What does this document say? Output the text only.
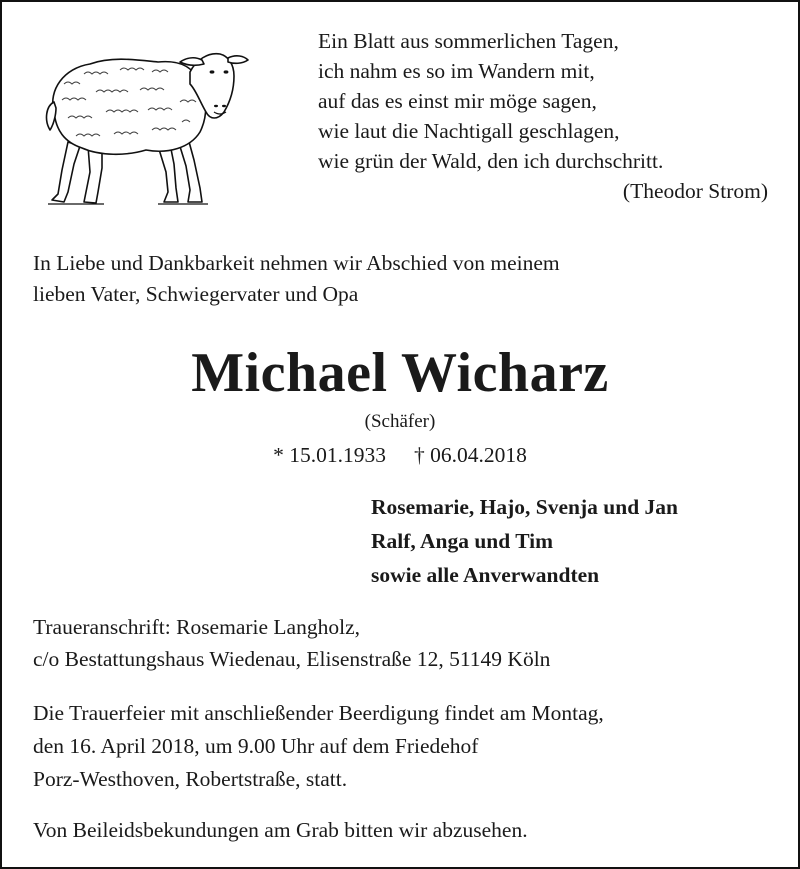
Ein Blatt aus sommerlichen Tagen,
ich nahm es so im Wandern mit,
auf das es einst mir möge sagen,
wie laut die Nachtigall geschlagen,
wie grün der Wald, den ich durchschritt.
(Theodor Strom)
In Liebe und Dankbarkeit nehmen wir Abschied von meinem
lieben Vater, Schwiegervater und Opa
Michael Wicharz
(Schäfer)
* 15.01.1933 † 06.04.2018
Rosemarie, Hajo, Svenja und Jan
Ralf, Anga und Tim
sowie alle Anverwandten
Traueranschrift: Rosemarie Langholz,
c/o Bestattungshaus Wiedenau, Elisenstraße 12, 51149 Köln
Die Trauerfeier mit anschließender Beerdigung findet am Montag,
den 16. April 2018, um 9.00 Uhr auf dem Friedehof
Porz-Westhoven, Robertstraße, statt.
Von Beileidsbekundungen am Grab bitten wir abzusehen.
